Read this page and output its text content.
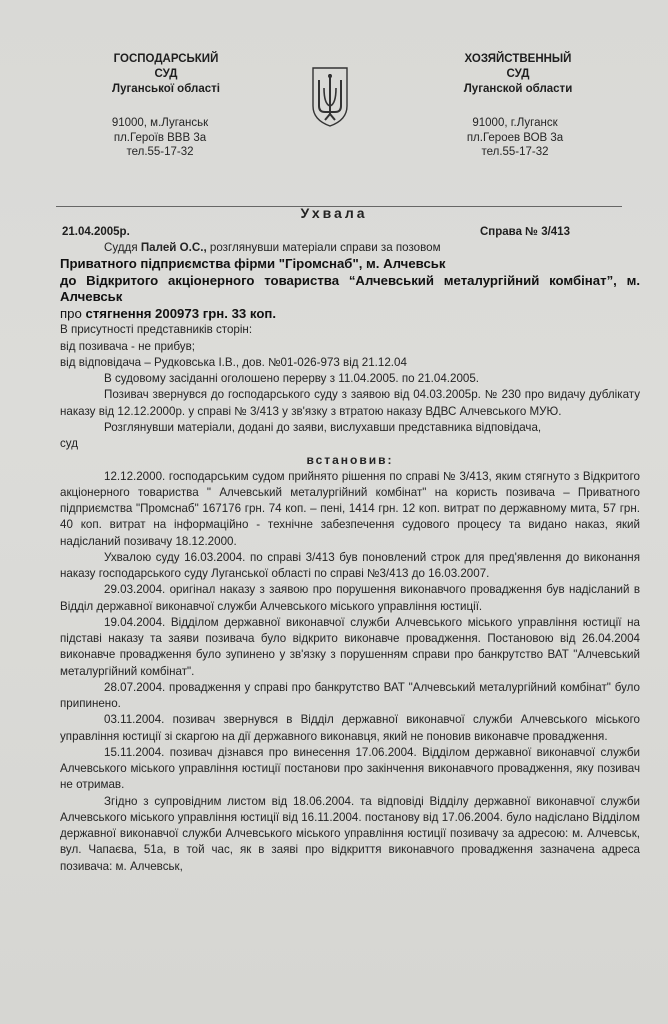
ГОСПОДАРСЬКИЙ
СУД
Луганської області
91000, м.Луганськ
пл.Героїв ВВВ 3а
тел.55-17-32
ХОЗЯЙСТВЕННЫЙ
СУД
Луганской области
91000, г.Луганск
пл.Героев ВОВ 3а
тел.55-17-32
Ухвала
21.04.2005р.	Справа № 3/413

Суддя Палей О.С., розглянувши матеріали справи за позовом

Приватного підприємства фірми "Гіромснаб", м. Алчевськ

до Відкритого акціонерного товариства “Алчевський металургійний комбінат”, м. Алчевськ

про стягнення 200973 грн. 33 коп.

В присутності представників сторін:

від позивача - не прибув;

від відповідача – Рудковська І.В., дов. №01-026-973 від 21.12.04

В судовому засіданні оголошено перерву з 11.04.2005. по 21.04.2005.

Позивач звернувся до господарського суду з заявою від 04.03.2005р. № 230 про видачу дублікату наказу від 12.12.2000р. у справі № 3/413 у зв'язку з втратою наказу ВДВС Алчевського МУЮ.

Розглянувши матеріали, додані до заяви, вислухавши представника відповідача,

суд

встановив:

12.12.2000. господарським судом прийнято рішення по справі № 3/413, яким стягнуто з Відкритого акціонерного товариства " Алчевський металургійний комбінат" на користь позивача – Приватного підприємства "Промснаб" 167176 грн. 74 коп. – пені, 1414 грн. 12 коп. витрат по державному мита, 57 грн. 40 коп. витрат на інформаційно - технічне забезпечення судового процесу та видано наказ, який надісланий позивачу 18.12.2000.

Ухвалою суду 16.03.2004. по справі 3/413 був поновлений строк для пред'явлення до виконання наказу господарського суду Луганської області по справі №3/413 до 16.03.2007.

29.03.2004. оригінал наказу з заявою про порушення виконавчого провадження був надісланий в Відділ державної виконавчої служби Алчевського міського управління юстиції.

19.04.2004. Відділом державної виконавчої служби Алчевського міського управління юстиції на підставі наказу та заяви позивача було відкрито виконавче провадження. Постановою від 26.04.2004 виконавче провадження було зупинено у зв'язку з порушенням справи про банкрутство ВАТ "Алчевський металургійний комбінат".

28.07.2004. провадження у справі про банкрутство ВАТ "Алчевський металургійний комбінат" було припинено.

03.11.2004. позивач звернувся в Відділ державної виконавчої служби Алчевського міського управління юстиції зі скаргою на дії державного виконавця, який не поновив виконавче провадження.

15.11.2004. позивач дізнався про винесення 17.06.2004. Відділом державної виконавчої служби Алчевського міського управління юстиції постанови про закінчення виконавчого провадження, яку позивач не отримав.

Згідно з супровідним листом від 18.06.2004. та відповіді Відділу державної виконавчої служби Алчевського міського управління юстиції від 16.11.2004. постанову від 17.06.2004. було надіслано Відділом державної виконавчої служби Алчевського міського управління юстиції позивачу за адресою: м. Алчевськ, вул. Чапаєва, 51а, в той час, як в заяві про відкриття виконавчого провадження зазначена адреса позивача: м. Алчевськ,
